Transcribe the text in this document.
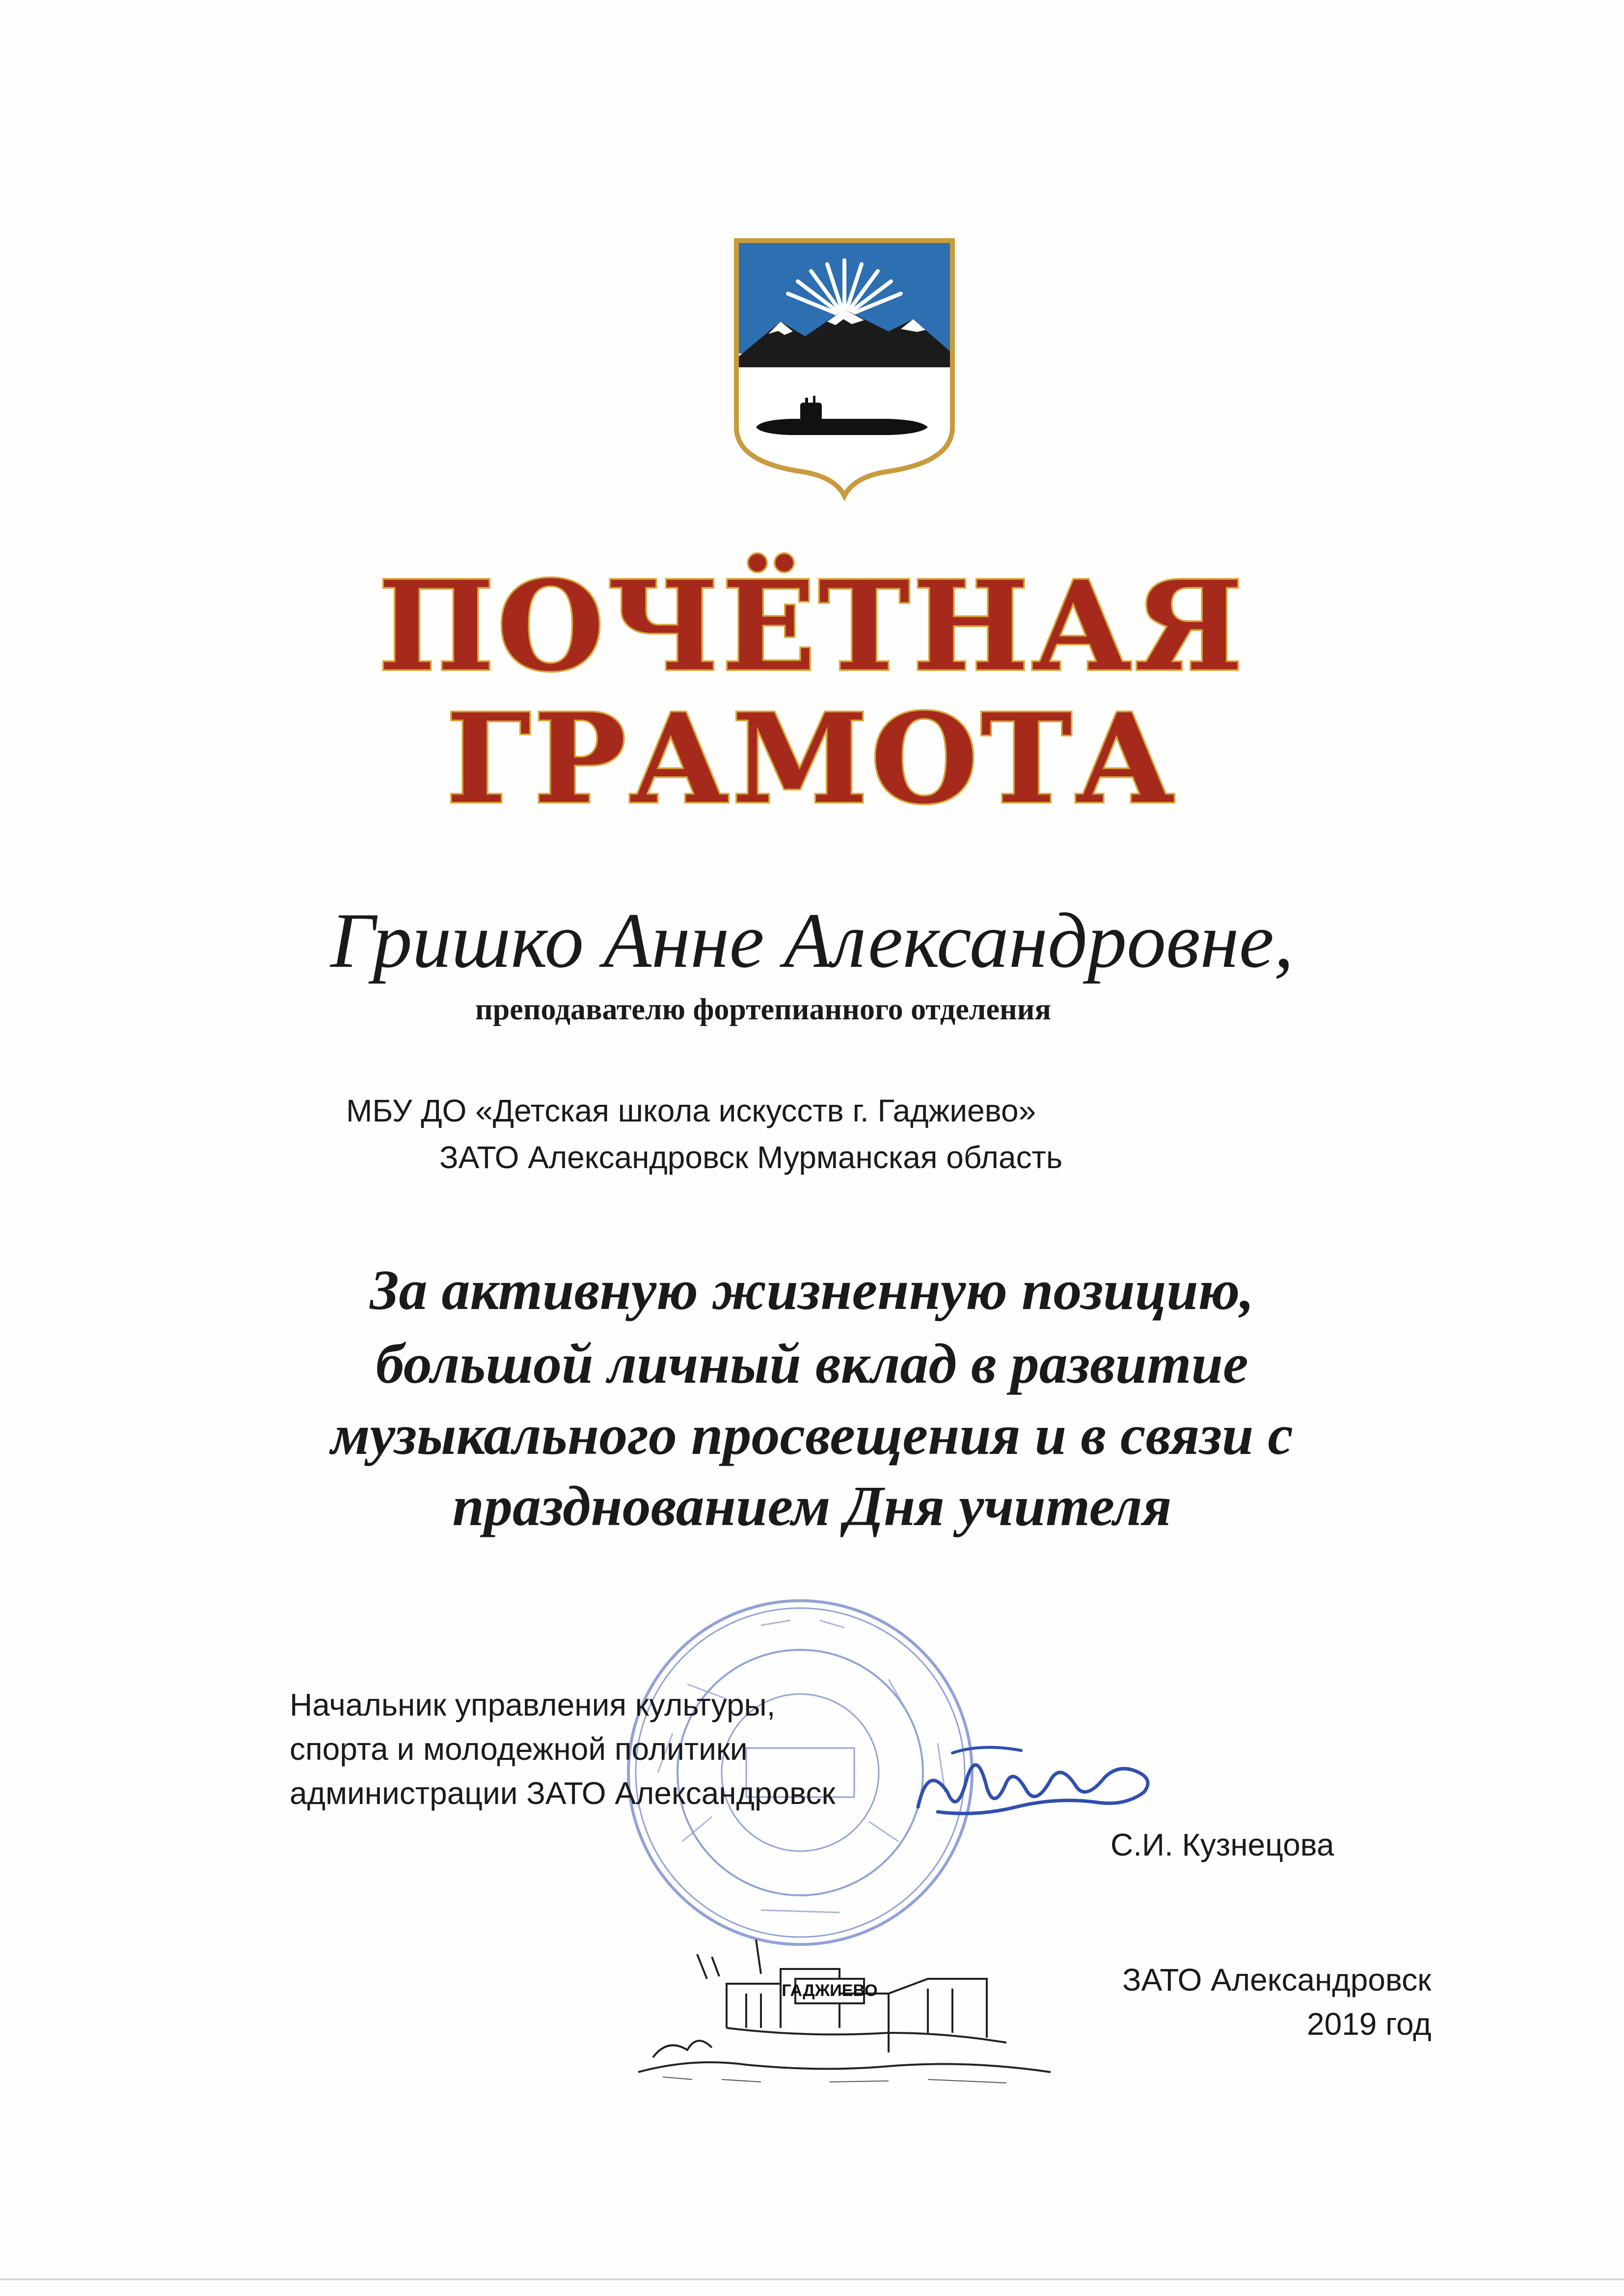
ПОЧЁТНАЯ
ГРАМОТА
Гришко Анне Александровне,
преподавателю фортепианного отделения
МБУ ДО «Детская школа искусств г. Гаджиево»
ЗАТО Александровск Мурманская область
За активную жизненную позицию,
большой личный вклад в развитие
музыкального просвещения и в связи с
празднованием Дня учителя
Начальник управления культуры,
спорта и молодежной политики
администрации ЗАТО Александровск
С.И. Кузнецова
ГАДЖИЕВО	ЗАТО Александровск
2019 год
